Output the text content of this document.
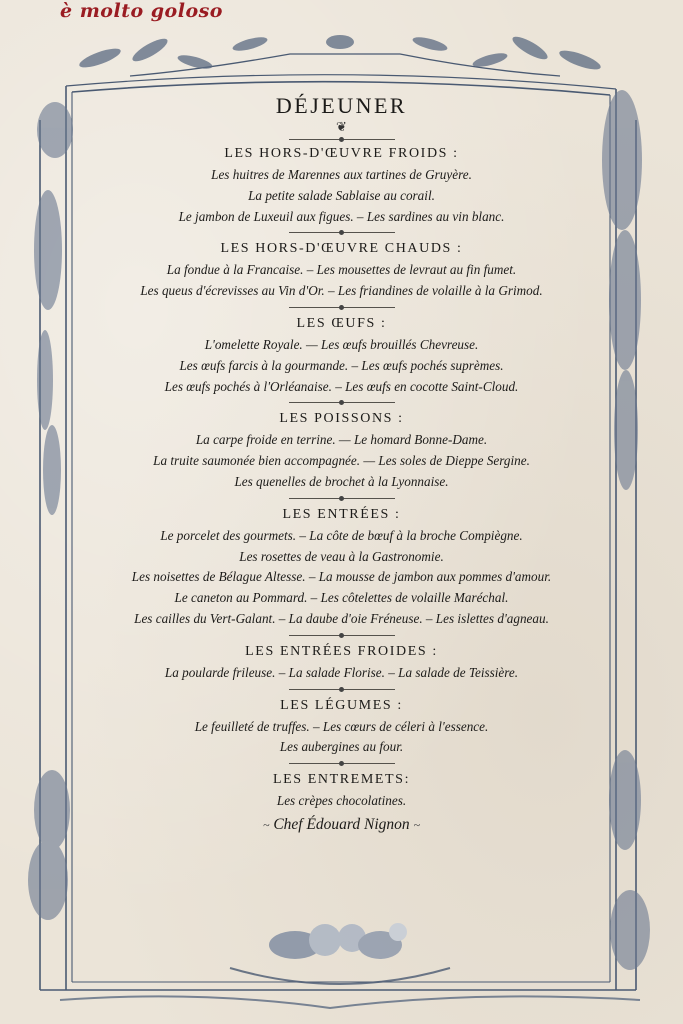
è molto goloso
DÉJEUNER
❦
LES HORS-D'ŒUVRE FROIDS :
Les huitres de Marennes aux tartines de Gruyère.
La petite salade Sablaise au corail.
Le jambon de Luxeuil aux figues. – Les sardines au vin blanc.
LES HORS-D'ŒUVRE CHAUDS :
La fondue à la Francaise. – Les mousettes de levraut au fin fumet.
Les queus d'écrevisses au Vin d'Or. – Les friandines de volaille à la Grimod.
LES ŒUFS :
L'omelette Royale. — Les œufs brouillés Chevreuse.
Les œufs farcis à la gourmande. – Les œufs pochés suprèmes.
Les œufs pochés à l'Orléanaise. – Les œufs en cocotte Saint-Cloud.
LES POISSONS :
La carpe froide en terrine. — Le homard Bonne-Dame.
La truite saumonée bien accompagnée. — Les soles de Dieppe Sergine.
Les quenelles de brochet à la Lyonnaise.
LES ENTRÉES :
Le porcelet des gourmets. – La côte de bœuf à la broche Compiègne.
Les rosettes de veau à la Gastronomie.
Les noisettes de Bélague Altesse. – La mousse de jambon aux pommes d'amour.
Le caneton au Pommard. – Les côtelettes de volaille Maréchal.
Les cailles du Vert-Galant. – La daube d'oie Fréneuse. – Les islettes d'agneau.
LES ENTRÉES FROIDES :
La poularde frileuse. – La salade Florise. – La salade de Teissière.
LES LÉGUMES :
Le feuilleté de truffes. – Les cœurs de céleri à l'essence.
Les aubergines au four.
LES ENTREMETS:
Les crèpes chocolatines.
~ Chef Édouard Nignon ~
